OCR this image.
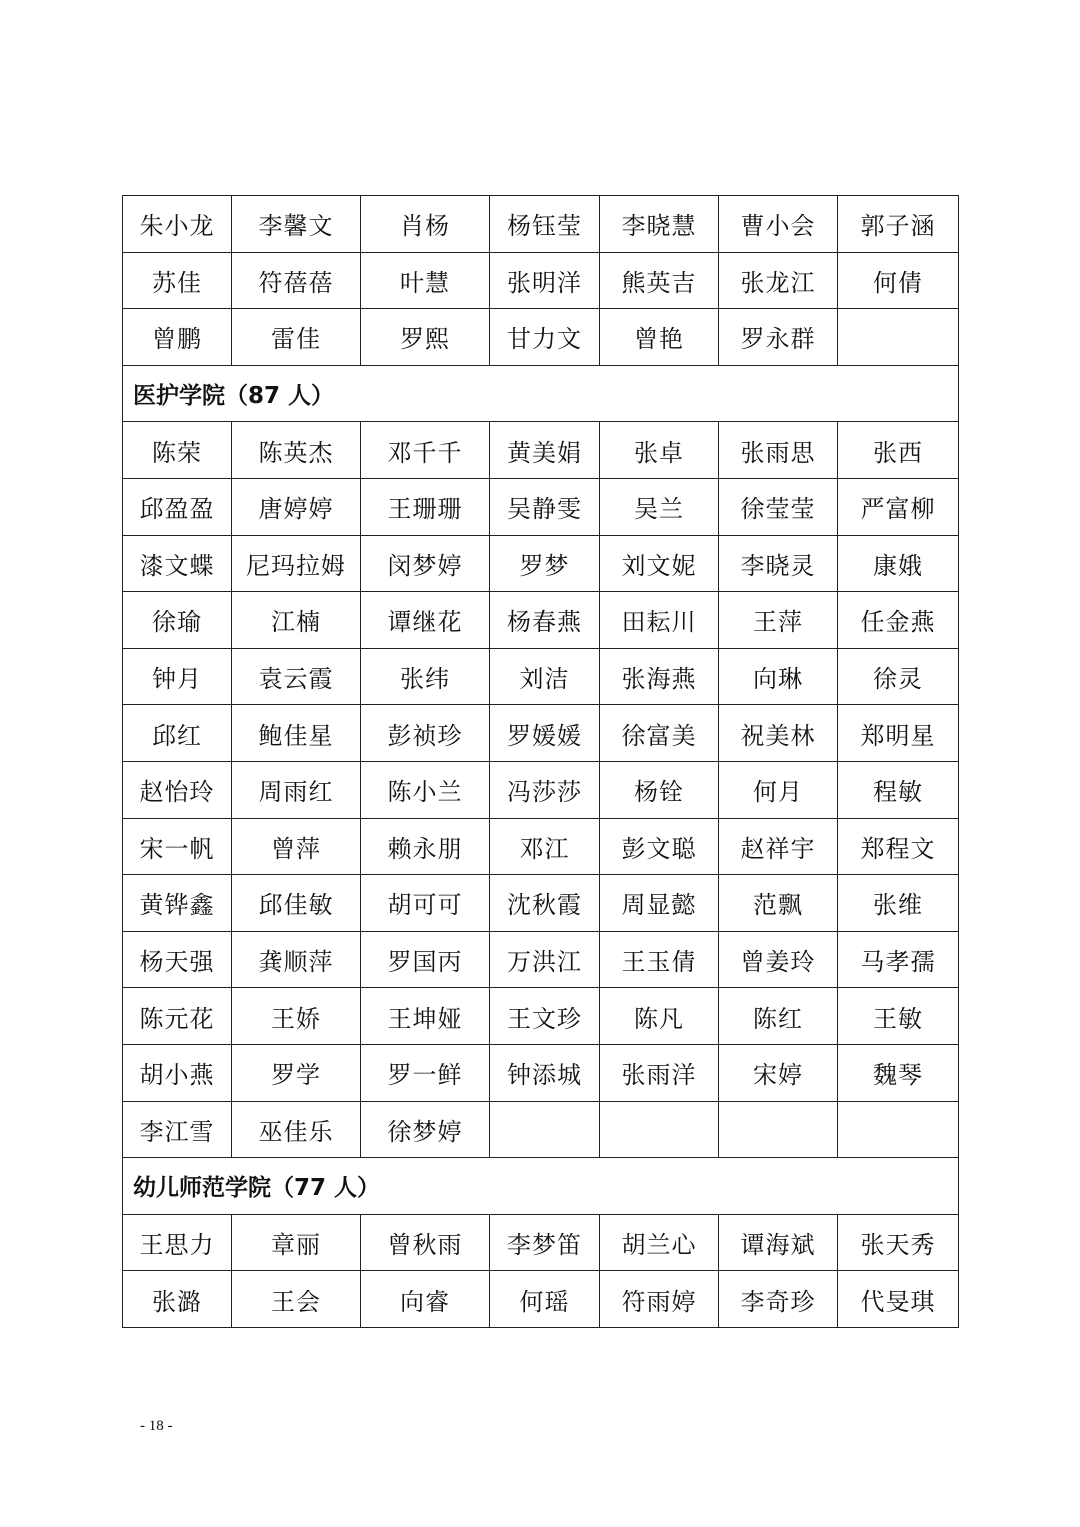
朱小龙	李馨文	肖杨	杨钰莹	李晓慧	曹小会	郭子涵
苏佳	符蓓蓓	叶慧	张明洋	熊英吉	张龙江	何倩
曾鹏	雷佳	罗熙	甘力文	曾艳	罗永群	
医护学院（87 人）						
陈荣	陈英杰	邓千千	黄美娟	张卓	张雨思	张西
邱盈盈	唐婷婷	王珊珊	吴静雯	吴兰	徐莹莹	严富柳
漆文蝶	尼玛拉姆	闵梦婷	罗梦	刘文妮	李晓灵	康娥
徐瑜	江楠	谭继花	杨春燕	田耘川	王萍	任金燕
钟月	袁云霞	张纬	刘洁	张海燕	向琳	徐灵
邱红	鲍佳星	彭祯珍	罗媛媛	徐富美	祝美林	郑明星
赵怡玲	周雨红	陈小兰	冯莎莎	杨铨	何月	程敏
宋一帆	曾萍	赖永朋	邓江	彭文聪	赵祥宇	郑程文
黄铧鑫	邱佳敏	胡可可	沈秋霞	周显懿	范飘	张维
杨天强	龚顺萍	罗国丙	万洪江	王玉倩	曾姜玲	马孝孺
陈元花	王娇	王坤娅	王文珍	陈凡	陈红	王敏
胡小燕	罗学	罗一鲜	钟添城	张雨洋	宋婷	魏琴
李江雪	巫佳乐	徐梦婷				
幼儿师范学院（77 人）						
王思力	章丽	曾秋雨	李梦笛	胡兰心	谭海斌	张天秀
张潞	王会	向睿	何瑶	符雨婷	李奇珍	代旻琪
- 18 -
